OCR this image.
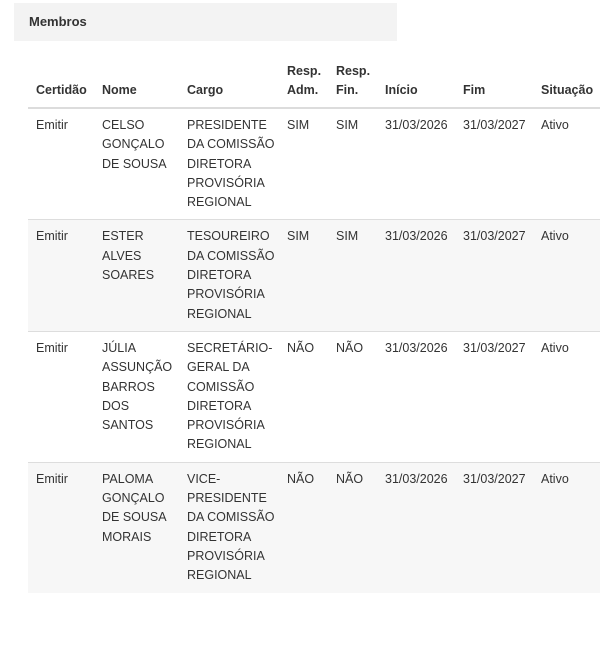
Membros
Certidão	Nome	Cargo	Resp. Adm.	Resp. Fin.	Início	Fim	Situação
Emitir	CELSO GONÇALO DE SOUSA	PRESIDENTE DA COMISSÃO DIRETORA PROVISÓRIA REGIONAL	SIM	SIM	31/03/2026	31/03/2027	Ativo
Emitir	ESTER ALVES SOARES	TESOUREIRO DA COMISSÃO DIRETORA PROVISÓRIA REGIONAL	SIM	SIM	31/03/2026	31/03/2027	Ativo
Emitir	JÚLIA ASSUNÇÃO BARROS DOS SANTOS	SECRETÁRIO-GERAL DA COMISSÃO DIRETORA PROVISÓRIA REGIONAL	NÃO	NÃO	31/03/2026	31/03/2027	Ativo
Emitir	PALOMA GONÇALO DE SOUSA MORAIS	VICE-PRESIDENTE DA COMISSÃO DIRETORA PROVISÓRIA REGIONAL	NÃO	NÃO	31/03/2026	31/03/2027	Ativo
